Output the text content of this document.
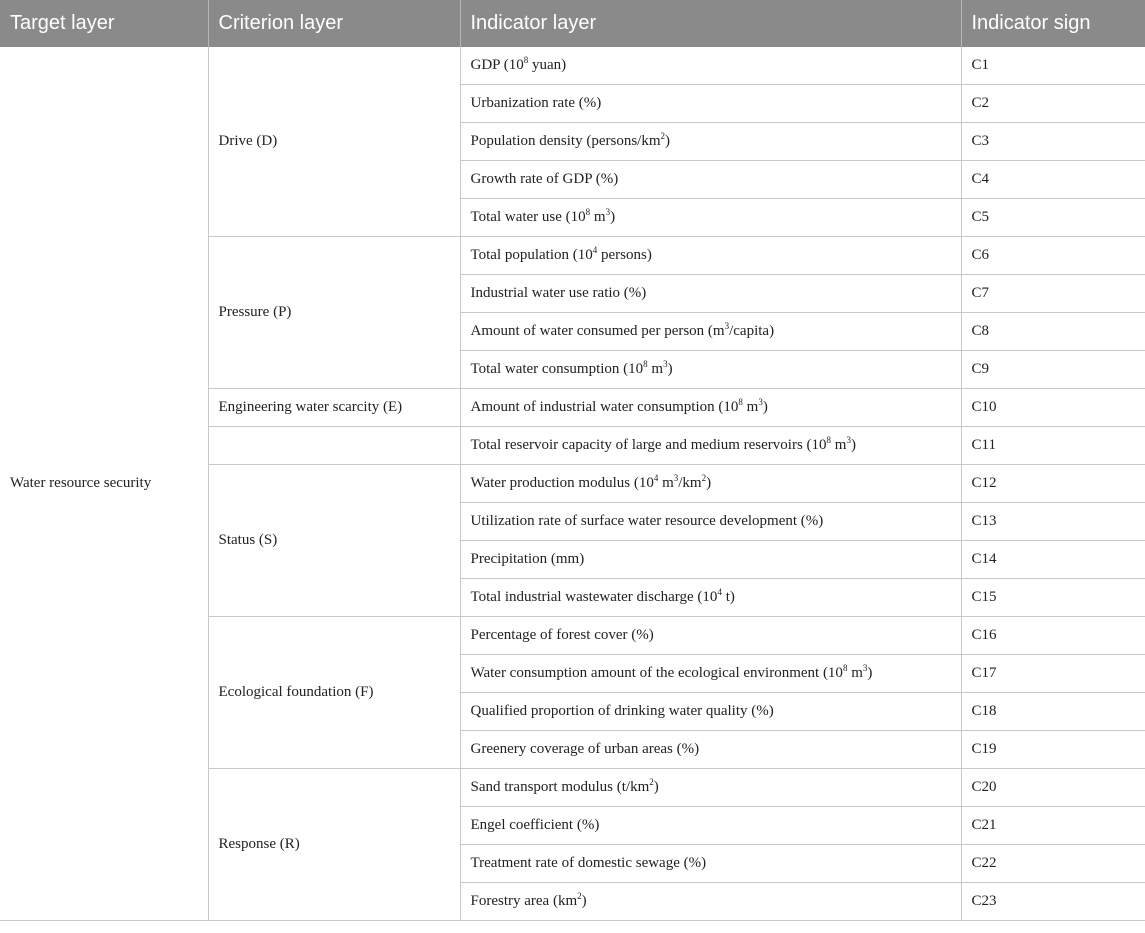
Target layer	Criterion layer	Indicator layer	Indicator sign
Water resource security	Drive (D)	GDP ($10^8$ yuan)	C1
		Urbanization rate (%)	C2
		Population density $(persons/km^2)$	C3
		Growth rate of GDP (%)	C4
		Total water use ($10^8$ $m^3$)	C5
	Pressure (P)	Total population ($10^4$ persons)	C6
		Industrial water use ratio (%)	C7
		Amount of water consumed per person $(m^3/capita)$	C8
		Total water consumption ($10^8$ $m^3$)	C9
	Engineering water scarcity (E)	Amount of industrial water consumption ($10^8$ $m^3$)	C10
		Total reservoir capacity of large and medium reservoirs ($10^8$ $m^3$)	C11
	Status (S)	Water production modulus ($10^4$ $m^3/km^2$)	C12
		Utilization rate of surface water resource development (%)	C13
		Precipitation (mm)	C14
		Total industrial wastewater discharge ($10^4$ t)	C15
	Ecological foundation (F)	Percentage of forest cover (%)	C16
		Water consumption amount of the ecological environment ($10^8$ $m^3$)	C17
		Qualified proportion of drinking water quality (%)	C18
		Greenery coverage of urban areas (%)	C19
	Response (R)	Sand transport modulus $(t/km^2)$	C20
		Engel coefficient (%)	C21
		Treatment rate of domestic sewage (%)	C22
		Forestry area $(km^2)$	C23
